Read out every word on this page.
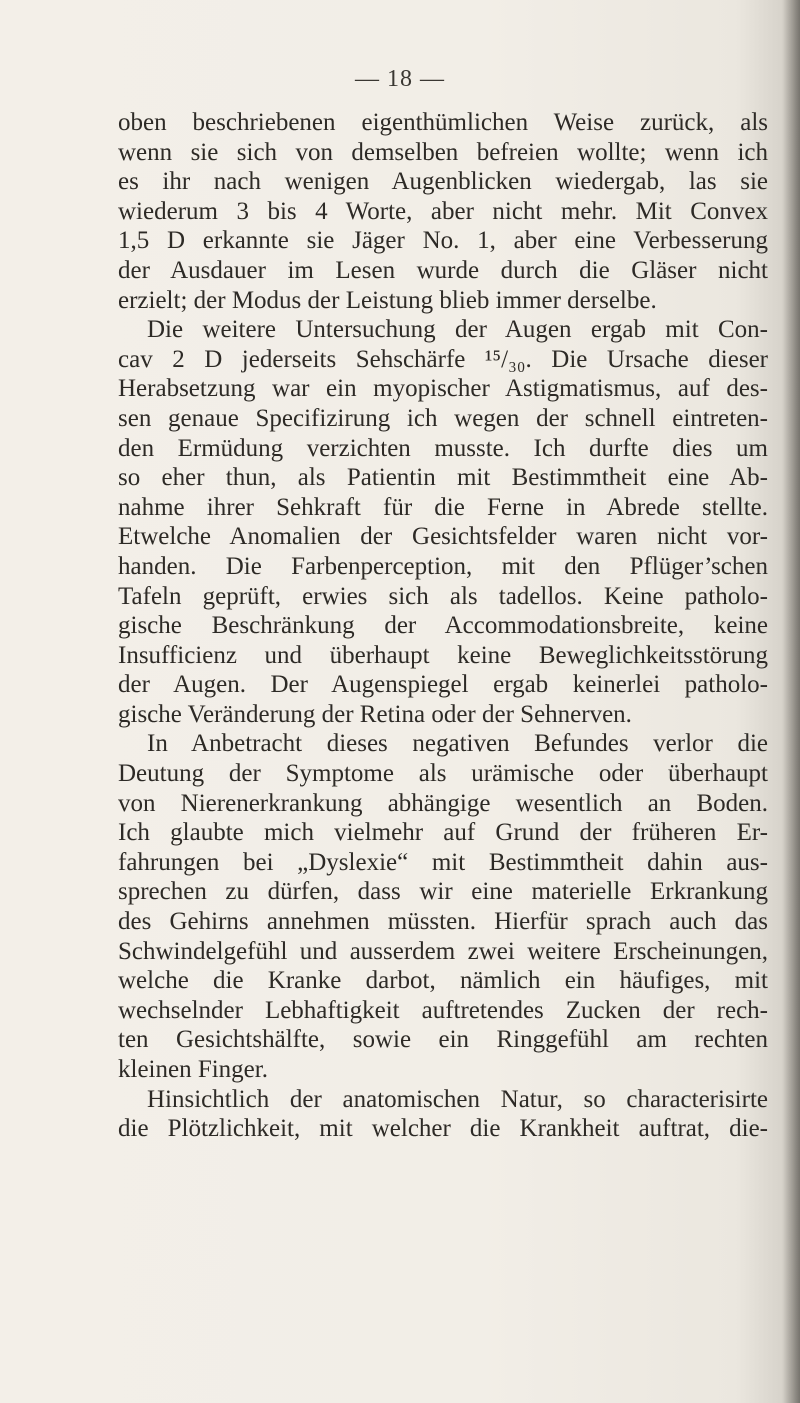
— 18 —
oben beschriebenen eigenthümlichen Weise zurück, als
wenn sie sich von demselben befreien wollte; wenn ich
es ihr nach wenigen Augenblicken wiedergab, las sie
wiederum 3 bis 4 Worte, aber nicht mehr. Mit Convex
1,5 D erkannte sie Jäger No. 1, aber eine Verbesserung
der Ausdauer im Lesen wurde durch die Gläser nicht
erzielt; der Modus der Leistung blieb immer derselbe.
Die weitere Untersuchung der Augen ergab mit Con-
cav 2 D jederseits Sehschärfe ¹⁵/₃₀. Die Ursache dieser
Herabsetzung war ein myopischer Astigmatismus, auf des-
sen genaue Specifizirung ich wegen der schnell eintreten-
den Ermüdung verzichten musste. Ich durfte dies um
so eher thun, als Patientin mit Bestimmtheit eine Ab-
nahme ihrer Sehkraft für die Ferne in Abrede stellte.
Etwelche Anomalien der Gesichtsfelder waren nicht vor-
handen. Die Farbenperception, mit den Pflüger’schen
Tafeln geprüft, erwies sich als tadellos. Keine patholo-
gische Beschränkung der Accommodationsbreite, keine
Insufficienz und überhaupt keine Beweglichkeitsstörung
der Augen. Der Augenspiegel ergab keinerlei patholo-
gische Veränderung der Retina oder der Sehnerven.
In Anbetracht dieses negativen Befundes verlor die
Deutung der Symptome als urämische oder überhaupt
von Nierenerkrankung abhängige wesentlich an Boden.
Ich glaubte mich vielmehr auf Grund der früheren Er-
fahrungen bei „Dyslexie“ mit Bestimmtheit dahin aus-
sprechen zu dürfen, dass wir eine materielle Erkrankung
des Gehirns annehmen müssten. Hierfür sprach auch das
Schwindelgefühl und ausserdem zwei weitere Erscheinungen,
welche die Kranke darbot, nämlich ein häufiges, mit
wechselnder Lebhaftigkeit auftretendes Zucken der rech-
ten Gesichtshälfte, sowie ein Ringgefühl am rechten
kleinen Finger.
Hinsichtlich der anatomischen Natur, so characterisirte
die Plötzlichkeit, mit welcher die Krankheit auftrat, die-
